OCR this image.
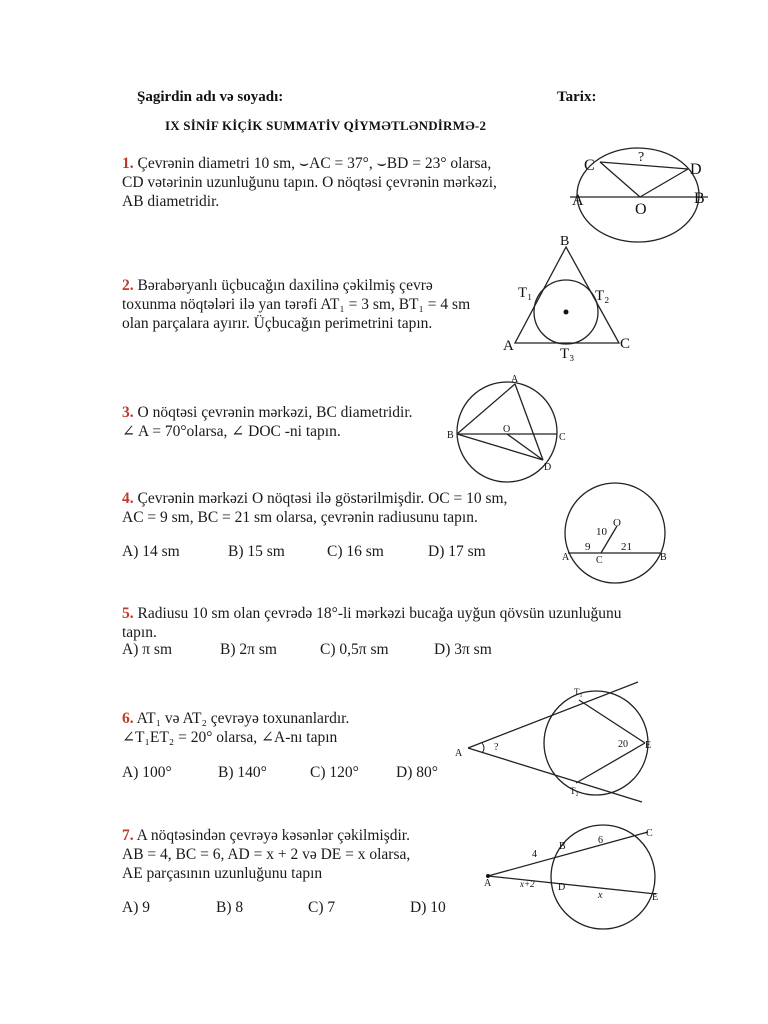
Şagirdin adı və soyadı:	Tarix:
IX SİNİF KİÇİK SUMMATİV QİYMƏTLƏNDİRMƏ-2

1. Çevrənin diametri 10 sm, ⌣AC = 37°, ⌣BD = 23° olarsa,

CD vətərinin uzunluğunu tapın. O nöqtəsi çevrənin mərkəzi,

AB diametridir.

C	D
A	B
O
?

2. Bərabəryanlı üçbucağın daxilinə çəkilmiş çevrə

toxunma nöqtələri ilə yan tərəfi AT₁ = 3 sm, BT₁ = 4 sm

olan parçalara ayırır. Üçbucağın perimetrini tapın.

B
T₁	T₂
A	C
T₃

3. O nöqtəsi çevrənin mərkəzi, BC diametridir.

∠ A = 70°olarsa, ∠ DOC -ni tapın.

A
B
O
C
D

4. Çevrənin mərkəzi O nöqtəsi ilə göstərilmişdir. OC = 10 sm,

AC = 9 sm, BC = 21 sm olarsa, çevrənin radiusunu tapın.

A) 14 sm	B) 15 sm	C) 16 sm	D) 17 sm
O
10
9	21
A	C	B

5. Radiusu 10 sm olan çevrədə 18°-li mərkəzi bucağa uyğun qövsün uzunluğunu

tapın.

A) π sm	B) 2π sm	C) 0,5π sm	D) 3π sm

6. AT₁ və AT₂ çevrəyə toxunanlardır.

∠T₁ET₂ = 20° olarsa, ∠A-nı tapın

A) 100°	B) 140°	C) 120° D) 80°
A
?
T₁
T₂
20 E

7. A nöqtəsindən çevrəyə kəsənlər çəkilmişdir.

AB = 4, BC = 6, AD = x + 2 və DE = x olarsa,

AE parçasının uzunluğunu tapın

A) 9	B) 8	C) 7	D) 10
A
4
B
6
C
x+2 D
x	E
